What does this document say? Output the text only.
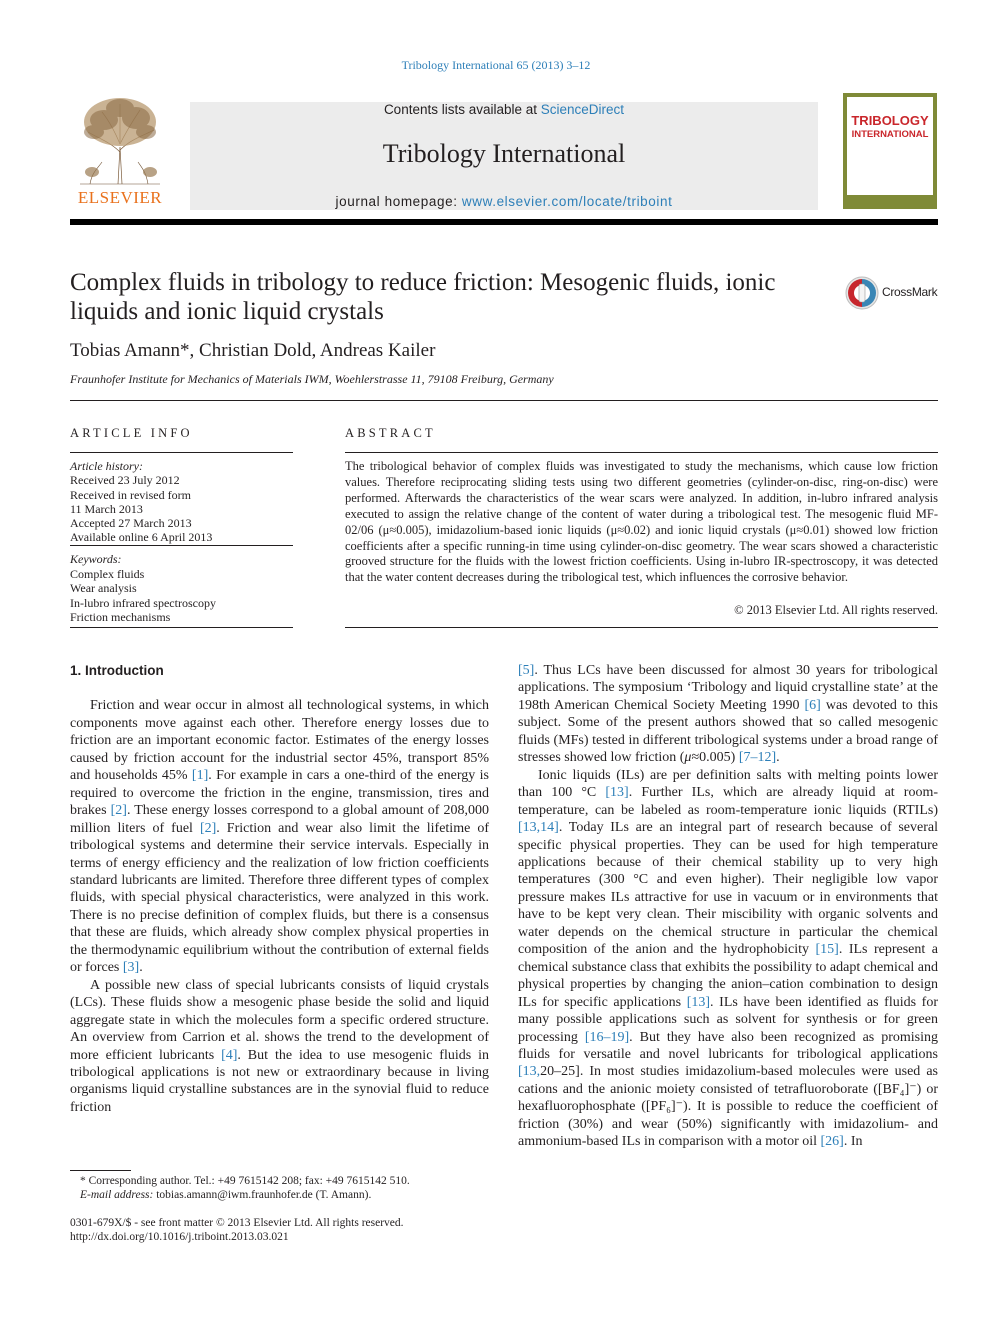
Tribology International 65 (2013) 3–12
ELSEVIER
Contents lists available at ScienceDirect
Tribology International
journal homepage: www.elsevier.com/locate/triboint
TRIBOLOGY
INTERNATIONAL
Complex fluids in tribology to reduce friction: Mesogenic fluids, ionic liquids and ionic liquid crystals
CrossMark
Tobias Amann*, Christian Dold, Andreas Kailer
Fraunhofer Institute for Mechanics of Materials IWM, Woehlerstrasse 11, 79108 Freiburg, Germany
ARTICLE INFO
Article history:
Received 23 July 2012
Received in revised form
11 March 2013
Accepted 27 March 2013
Available online 6 April 2013
Keywords:
Complex fluids
Wear analysis
In-lubro infrared spectroscopy
Friction mechanisms
ABSTRACT
The tribological behavior of complex fluids was investigated to study the mechanisms, which cause low friction values. Therefore reciprocating sliding tests using two different geometries (cylinder-on-disc, ring-on-disc) were performed. Afterwards the characteristics of the wear scars were analyzed. In addition, in-lubro infrared analysis executed to assign the relative change of the content of water during a tribological test. The mesogenic fluid MF-02/06 (μ≈0.005), imidazolium-based ionic liquids (μ≈0.02) and ionic liquid crystals (μ≈0.01) showed low friction coefficients after a specific running-in time using cylinder-on-disc geometry. The wear scars showed a characteristic grooved structure for the fluids with the lowest friction coefficients. Using in-lubro IR-spectroscopy, it was detected that the water content decreases during the tribological test, which influences the corrosive behavior.
© 2013 Elsevier Ltd. All rights reserved.
1. Introduction

Friction and wear occur in almost all technological systems, in which components move against each other. Therefore energy losses due to friction are an important economic factor. Estimates of the energy losses caused by friction account for the industrial sector 45%, transport 85% and households 45% [1]. For example in cars a one-third of the energy is required to overcome the friction in the engine, transmission, tires and brakes [2]. These energy losses correspond to a global amount of 208,000 million liters of fuel [2]. Friction and wear also limit the lifetime of tribological systems and determine their service intervals. Especially in terms of energy efficiency and the realization of low friction coefficients standard lubricants are limited. Therefore three different types of complex fluids, with special physical characteristics, were analyzed in this work. There is no precise definition of complex fluids, but there is a consensus that these are fluids, which already show complex physical properties in the thermodynamic equilibrium without the contribution of external fields or forces [3].

A possible new class of special lubricants consists of liquid crystals (LCs). These fluids show a mesogenic phase beside the solid and liquid aggregate state in which the molecules form a specific ordered structure. An overview from Carrion et al. shows the trend to the development of more efficient lubricants [4]. But the idea to use mesogenic fluids in tribological applications is not new or extraordinary because in living organisms liquid crystalline substances are in the synovial fluid to reduce friction

[5]. Thus LCs have been discussed for almost 30 years for tribological applications. The symposium ‘Tribology and liquid crystalline state’ at the 198th American Chemical Society Meeting 1990 [6] was devoted to this subject. Some of the present authors showed that so called mesogenic fluids (MFs) tested in different tribological systems under a broad range of stresses showed low friction (μ≈0.005) [7–12].

Ionic liquids (ILs) are per definition salts with melting points lower than 100 °C [13]. Further ILs, which are already liquid at room-temperature, can be labeled as room-temperature ionic liquids (RTILs) [13,14]. Today ILs are an integral part of research because of several specific physical properties. They can be used for high temperature applications because of their chemical stability up to very high temperatures (300 °C and even higher). Their negligible low vapor pressure makes ILs attractive for use in vacuum or in environments that have to be kept very clean. Their miscibility with organic solvents and water depends on the chemical structure in particular the chemical composition of the anion and the hydrophobicity [15]. ILs represent a chemical substance class that exhibits the possibility to adapt chemical and physical properties by changing the anion–cation combination to design ILs for specific applications [13]. ILs have been identified as fluids for many possible applications such as solvent for synthesis or for green processing [16–19]. But they have also been recognized as promising fluids for versatile and novel lubricants for tribological applications [13,20–25]. In most studies imidazolium-based molecules were used as cations and the anionic moiety consisted of tetrafluoroborate ([BF₄]⁻) or hexafluorophosphate ([PF₆]⁻). It is possible to reduce the coefficient of friction (30%) and wear (50%) significantly with imidazolium- and ammonium-based ILs in comparison with a motor oil [26]. In

* Corresponding author. Tel.: +49 7615142 208; fax: +49 7615142 510.
E-mail address: tobias.amann@iwm.fraunhofer.de (T. Amann).
0301-679X/$ - see front matter © 2013 Elsevier Ltd. All rights reserved.
http://dx.doi.org/10.1016/j.triboint.2013.03.021
